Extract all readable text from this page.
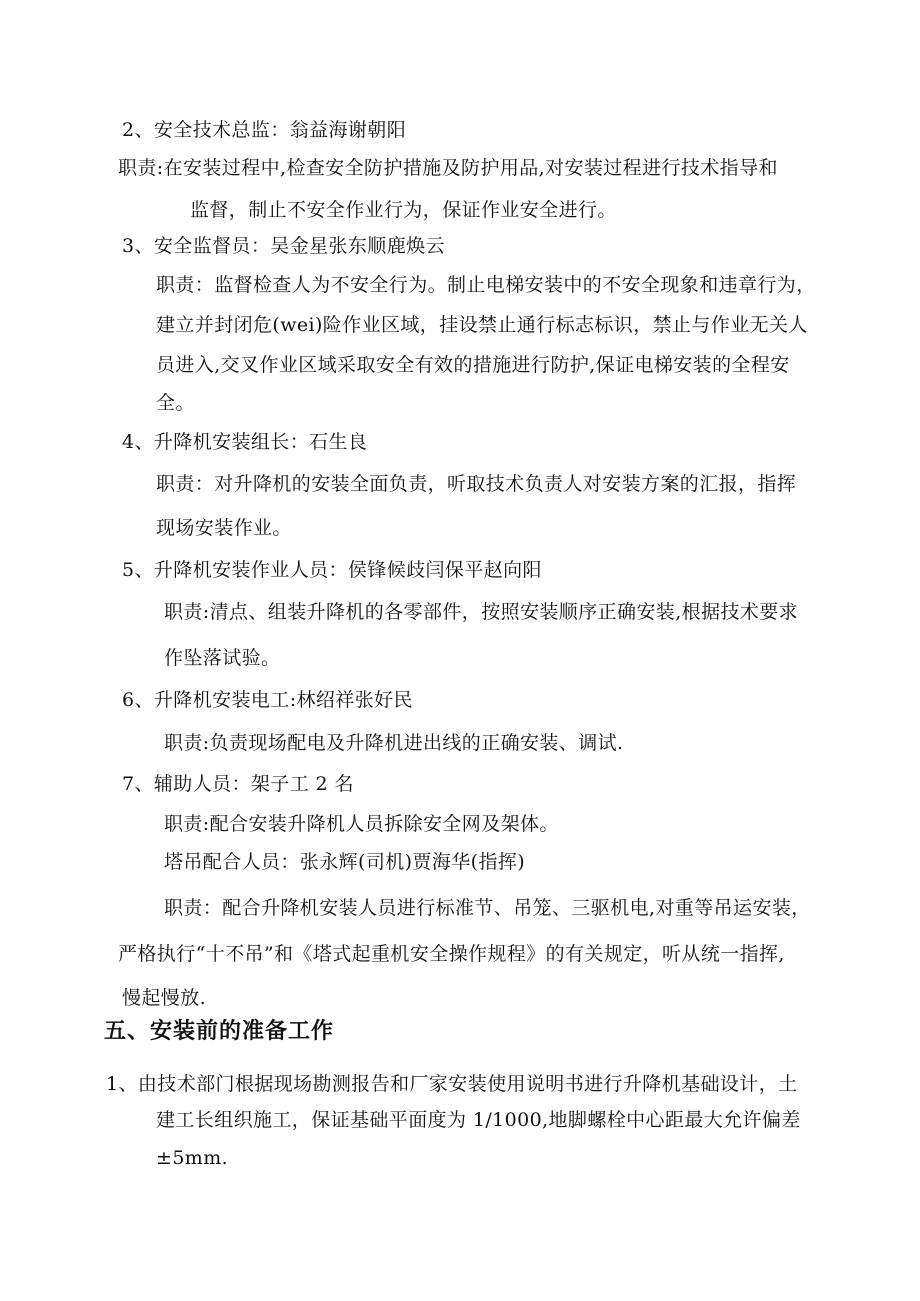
2、安全技术总监：翁益海谢朝阳
职责:在安装过程中,检查安全防护措施及防护用品,对安装过程进行技术指导和
监督，制止不安全作业行为，保证作业安全进行。
3、安全监督员：吴金星张东顺鹿焕云
职责：监督检查人为不安全行为。制止电梯安装中的不安全现象和违章行为，
建立并封闭危(wei)险作业区域，挂设禁止通行标志标识，禁止与作业无关人
员进入,交叉作业区域采取安全有效的措施进行防护,保证电梯安装的全程安
全。
4、升降机安装组长：石生良
职责：对升降机的安装全面负责，听取技术负责人对安装方案的汇报，指挥
现场安装作业。
5、升降机安装作业人员：侯锋候歧闫保平赵向阳
职责:清点、组装升降机的各零部件，按照安装顺序正确安装,根据技术要求
作坠落试验。
6、升降机安装电工:林绍祥张好民
职责:负责现场配电及升降机进出线的正确安装、调试.
7、辅助人员：架子工 2 名
职责:配合安装升降机人员拆除安全网及架体。
塔吊配合人员：张永辉(司机)贾海华(指挥)
职责：配合升降机安装人员进行标准节、吊笼、三驱机电,对重等吊运安装，
严格执行“十不吊”和《塔式起重机安全操作规程》的有关规定，听从统一指挥,
慢起慢放.
五、安装前的准备工作
1、由技术部门根据现场勘测报告和厂家安装使用说明书进行升降机基础设计，土
建工长组织施工，保证基础平面度为 1/1000,地脚螺栓中心距最大允许偏差
±5mm.
